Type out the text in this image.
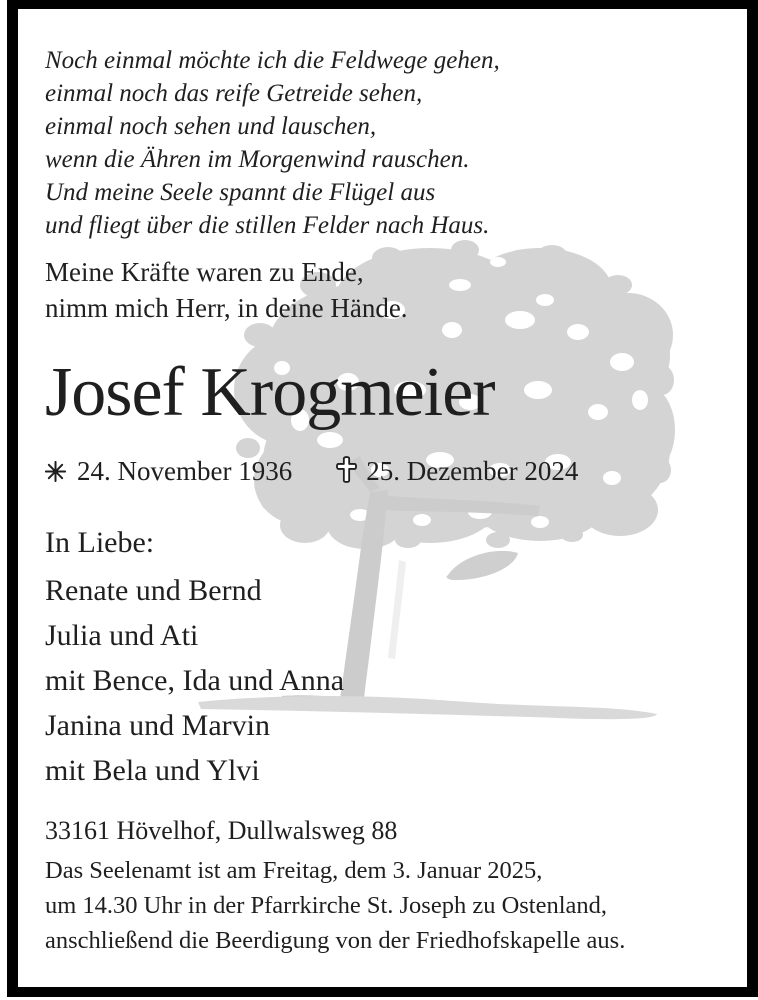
Noch einmal möchte ich die Feldwege gehen,
einmal noch das reife Getreide sehen,
einmal noch sehen und lauschen,
wenn die Ähren im Morgenwind rauschen.
Und meine Seele spannt die Flügel aus
und fliegt über die stillen Felder nach Haus.
Meine Kräfte waren zu Ende,
nimm mich Herr, in deine Hände.
Josef Krogmeier
24. November 1936	25. Dezember 2024
In Liebe:
Renate und Bernd
Julia und Ati
mit Bence, Ida und Anna
Janina und Marvin
mit Bela und Ylvi
33161 Hövelhof, Dullwalsweg 88
Das Seelenamt ist am Freitag, dem 3. Januar 2025,
um 14.30 Uhr in der Pfarrkirche St. Joseph zu Ostenland,
anschließend die Beerdigung von der Friedhofskapelle aus.
